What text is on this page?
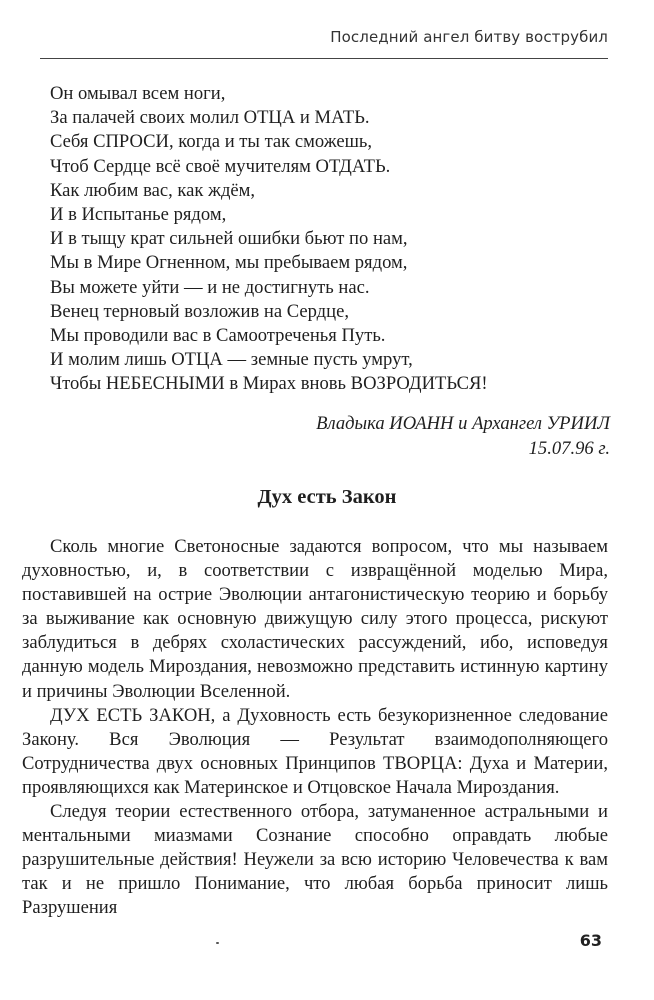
Последний ангел битву вострубил
Он омывал всем ноги,
За палачей своих молил ОТЦА и МАТЬ.
Себя СПРОСИ, когда и ты так сможешь,
Чтоб Сердце всё своё мучителям ОТДАТЬ.
Как любим вас, как ждём,
И в Испытанье рядом,
И в тыщу крат сильней ошибки бьют по нам,
Мы в Мире Огненном, мы пребываем рядом,
Вы можете уйти — и не достигнуть нас.
Венец терновый возложив на Сердце,
Мы проводили вас в Самоотреченья Путь.
И молим лишь ОТЦА — земные пусть умрут,
Чтобы НЕБЕСНЫМИ в Мирах вновь ВОЗРОДИТЬСЯ!
Владыка ИОАНН и Архангел УРИИЛ
15.07.96 г.
Дух есть Закон

Сколь многие Светоносные задаются вопросом, что мы называем духовностью, и, в соответствии с извращённой моделью Мира, поставившей на острие Эволюции антагонистическую теорию и борьбу за выживание как основную движущую силу этого процесса, рискуют заблудиться в дебрях схоластических рассуждений, ибо, исповедуя данную модель Мироздания, невозможно представить истинную картину и причины Эволюции Вселенной.

ДУХ ЕСТЬ ЗАКОН, а Духовность есть безукоризненное следование Закону. Вся Эволюция — Результат взаимодополняющего Сотрудничества двух основных Принципов ТВОРЦА: Духа и Материи, проявляющихся как Материнское и Отцовское Начала Мироздания.

Следуя теории естественного отбора, затуманенное астральными и ментальными миазмами Сознание способно оправдать любые разрушительные действия! Неужели за всю историю Человечества к вам так и не пришло Понимание, что любая борьба приносит лишь Разрушения

63
